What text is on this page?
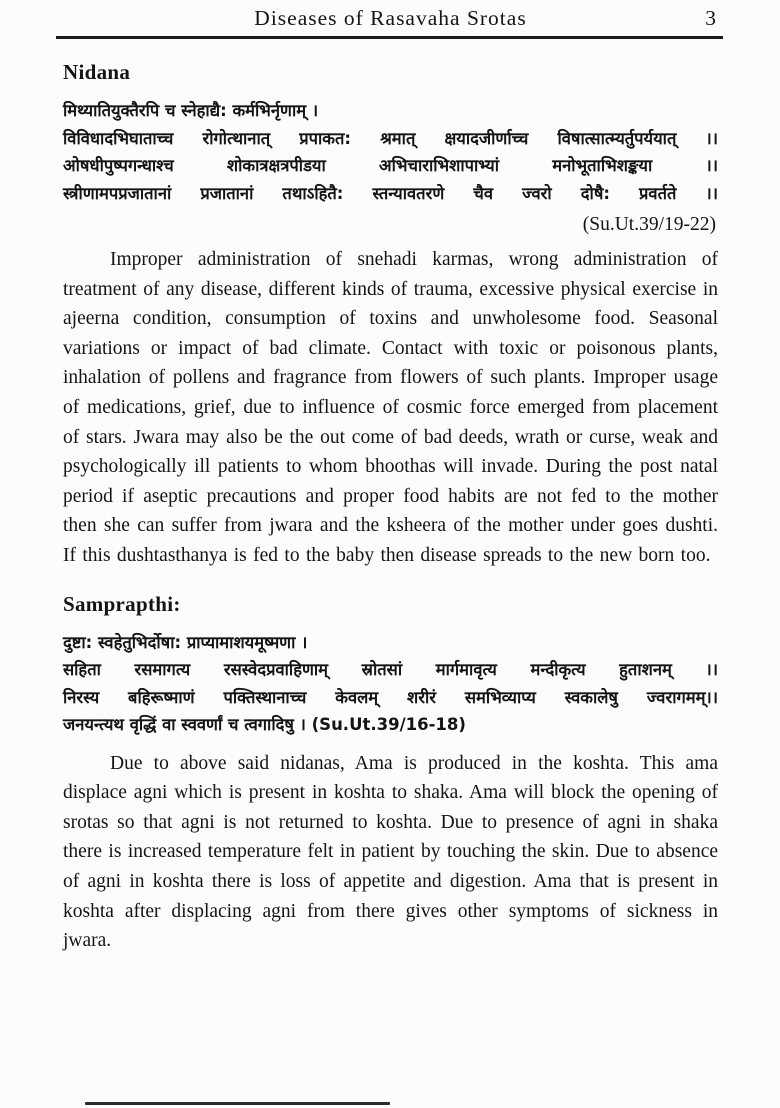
Diseases of Rasavaha Srotas	3
Nidana
मिथ्यातियुक्तैरपि च स्नेहाद्यै: कर्मभिर्नृणाम् ।
विविधादभिघाताच्च रोगोत्थानात् प्रपाकत: श्रमात् क्षयादजीर्णाच्च विषात्सात्म्यर्तुपर्ययात् ।।
ओषधीपुष्पगन्धाश्च शोकात्रक्षत्रपीडया अभिचाराभिशापाभ्यां मनोभूताभिशङ्कया ।।
स्त्रीणामपप्रजातानां प्रजातानां तथाऽहितै: स्तन्यावतरणे चैव ज्वरो दोषै: प्रवर्तते ।।
(Su.Ut.39/19-22)

Improper administration of snehadi karmas, wrong administration of treatment of any disease, different kinds of trauma, excessive physical exercise in ajeerna condition, consumption of toxins and unwholesome food. Seasonal variations or impact of bad climate. Contact with toxic or poisonous plants, inhalation of pollens and fragrance from flowers of such plants. Improper usage of medications, grief, due to influence of cosmic force emerged from placement of stars. Jwara may also be the out come of bad deeds, wrath or curse, weak and psychologically ill patients to whom bhoothas will invade. During the post natal period if aseptic precautions and proper food habits are not fed to the mother then she can suffer from jwara and the ksheera of the mother under goes dushti. If this dushtasthanya is fed to the baby then disease spreads to the new born too.

Samprapthi:
दुष्टा: स्वहेतुभिर्दोषा: प्राप्यामाशयमूष्मणा ।
सहिता रसमागत्य रसस्वेदप्रवाहिणाम् स्रोतसां मार्गमावृत्य मन्दीकृत्य हुताशनम् ।।
निरस्य बहिरूष्माणं पक्तिस्थानाच्च केवलम् शरीरं समभिव्याप्य स्वकालेषु ज्वरागमम्।।
जनयन्त्यथ वृद्धिं वा स्ववर्णां च त्वगादिषु । (Su.Ut.39/16-18)

Due to above said nidanas, Ama is produced in the koshta. This ama displace agni which is present in koshta to shaka. Ama will block the opening of srotas so that agni is not returned to koshta. Due to presence of agni in shaka there is increased temperature felt in patient by touching the skin. Due to absence of agni in koshta there is loss of appetite and digestion. Ama that is present in koshta after displacing agni from there gives other symptoms of sickness in jwara.
